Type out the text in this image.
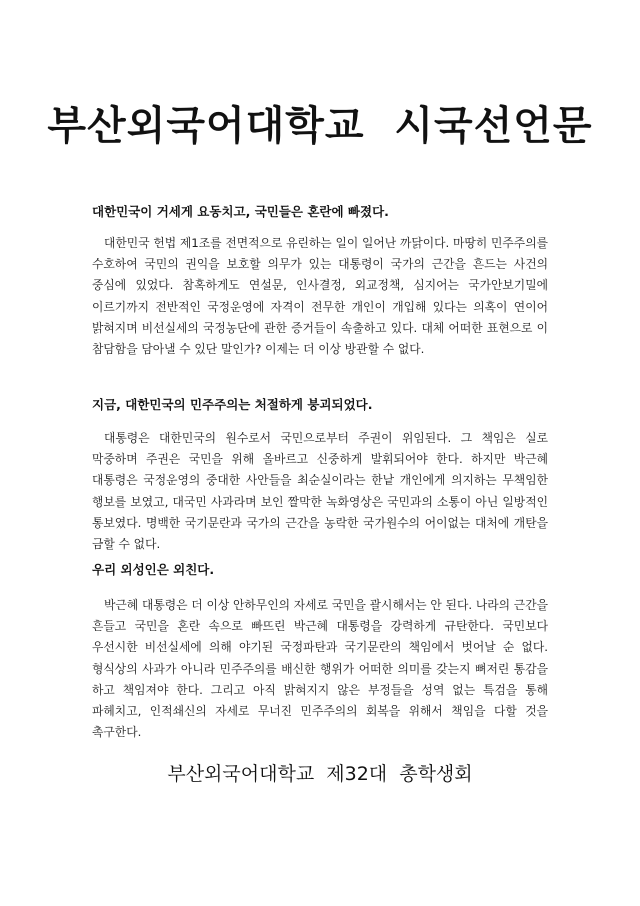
부산외국어대학교  시국선언문
대한민국이 거세게 요동치고, 국민들은 혼란에 빠졌다.
대한민국 헌법 제1조를 전면적으로 유린하는 일이 일어난 까닭이다. 마땅히 민주주의를 수호하여 국민의 권익을 보호할 의무가 있는 대통령이 국가의 근간을 흔드는 사건의 중심에 있었다. 참혹하게도 연설문, 인사결정, 외교정책, 심지어는 국가안보기밀에 이르기까지 전반적인 국정운영에 자격이 전무한 개인이 개입해 있다는 의혹이 연이어 밝혀지며 비선실세의 국정농단에 관한 증거들이 속출하고 있다. 대체 어떠한 표현으로 이 참담함을 담아낼 수 있단 말인가? 이제는 더 이상 방관할 수 없다.
지금, 대한민국의 민주주의는 처절하게 붕괴되었다.
대통령은 대한민국의 원수로서 국민으로부터 주권이 위임된다. 그 책임은 실로 막중하며 주권은 국민을 위해 올바르고 신중하게 발휘되어야 한다. 하지만 박근혜 대통령은 국정운영의 중대한 사안들을 최순실이라는 한낱 개인에게 의지하는 무책임한 행보를 보였고, 대국민 사과라며 보인 짤막한 녹화영상은 국민과의 소통이 아닌 일방적인 통보였다. 명백한 국기문란과 국가의 근간을 농락한 국가원수의 어이없는 대처에 개탄을 금할 수 없다.
우리 외성인은 외친다.
박근혜 대통령은 더 이상 안하무인의 자세로 국민을 괄시해서는 안 된다. 나라의 근간을 흔들고 국민을 혼란 속으로 빠뜨린 박근혜 대통령을 강력하게 규탄한다. 국민보다 우선시한 비선실세에 의해 야기된 국정파탄과 국기문란의 책임에서 벗어날 순 없다. 형식상의 사과가 아니라 민주주의를 배신한 행위가 어떠한 의미를 갖는지 뼈저린 통감을 하고 책임져야 한다. 그리고 아직 밝혀지지 않은 부정들을 성역 없는 특검을 통해 파헤치고, 인적쇄신의 자세로 무너진 민주주의의 회복을 위해서 책임을 다할 것을 촉구한다.
부산외국어대학교  제32대  총학생회
